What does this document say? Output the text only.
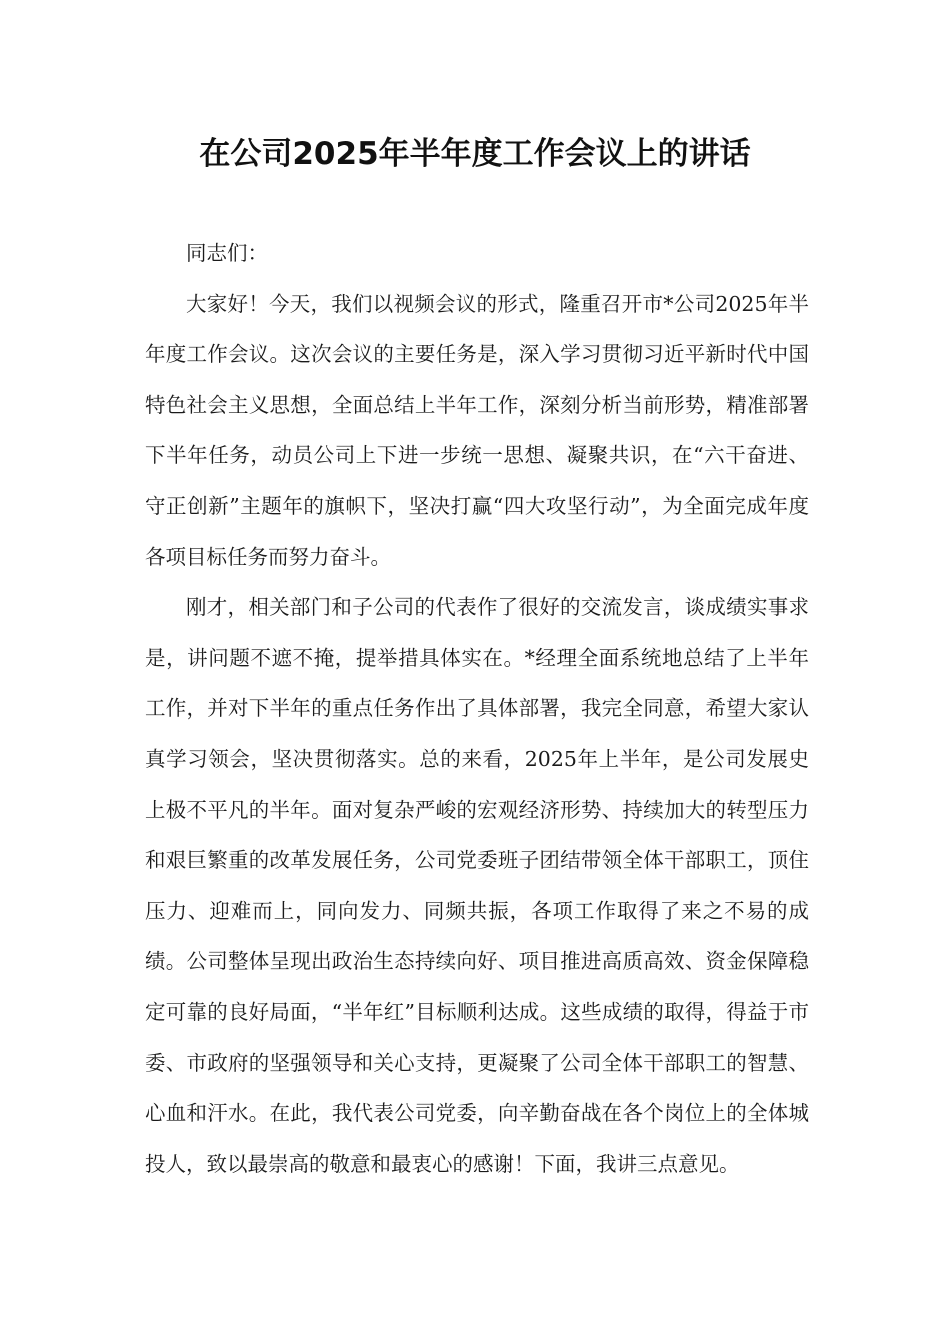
在公司2025年半年度工作会议上的讲话

同志们：

大家好！今天，我们以视频会议的形式，隆重召开市*公司2025年半年度工作会议。这次会议的主要任务是，深入学习贯彻习近平新时代中国特色社会主义思想，全面总结上半年工作，深刻分析当前形势，精准部署下半年任务，动员公司上下进一步统一思想、凝聚共识，在“六干奋进、守正创新”主题年的旗帜下，坚决打赢“四大攻坚行动”，为全面完成年度各项目标任务而努力奋斗。

刚才，相关部门和子公司的代表作了很好的交流发言，谈成绩实事求是，讲问题不遮不掩，提举措具体实在。*经理全面系统地总结了上半年工作，并对下半年的重点任务作出了具体部署，我完全同意，希望大家认真学习领会，坚决贯彻落实。总的来看，2025年上半年，是公司发展史上极不平凡的半年。面对复杂严峻的宏观经济形势、持续加大的转型压力和艰巨繁重的改革发展任务，公司党委班子团结带领全体干部职工，顶住压力、迎难而上，同向发力、同频共振，各项工作取得了来之不易的成绩。公司整体呈现出政治生态持续向好、项目推进高质高效、资金保障稳定可靠的良好局面，“半年红”目标顺利达成。这些成绩的取得，得益于市委、市政府的坚强领导和关心支持，更凝聚了公司全体干部职工的智慧、心血和汗水。在此，我代表公司党委，向辛勤奋战在各个岗位上的全体城投人，致以最崇高的敬意和最衷心的感谢！下面，我讲三点意见。
